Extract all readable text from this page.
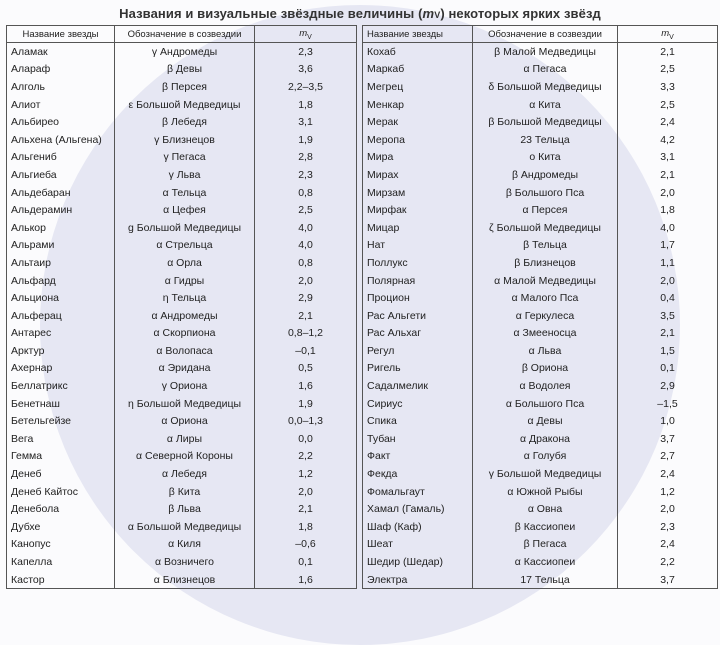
Названия и визуальные звёздные величины (mV) некоторых ярких звёзд
Название звезды	Обозначение в созвездии	$m_V$
Аламак	γ Андромеды	2,3
Алараф	β Девы	3,6
Алголь	β Персея	2,2–3,5
Алиот	ε Большой Медведицы	1,8
Альбирео	β Лебедя	3,1
Альхена (Альгена)	γ Близнецов	1,9
Альгениб	γ Пегаса	2,8
Альгиеба	γ Льва	2,3
Альдебаран	α Тельца	0,8
Альдерамин	α Цефея	2,5
Алькор	g Большой Медведицы	4,0
Альрами	α Стрельца	4,0
Альтаир	α Орла	0,8
Альфард	α Гидры	2,0
Альциона	η Тельца	2,9
Альферац	α Андромеды	2,1
Антарес	α Скорпиона	0,8–1,2
Арктур	α Волопаса	–0,1
Ахернар	α Эридана	0,5
Беллатрикс	γ Ориона	1,6
Бенетнаш	η Большой Медведицы	1,9
Бетельгейзе	α Ориона	0,0–1,3
Вега	α Лиры	0,0
Гемма	α Северной Короны	2,2
Денеб	α Лебедя	1,2
Денеб Кайтос	β Кита	2,0
Денебола	β Льва	2,1
Дубхе	α Большой Медведицы	1,8
Канопус	α Киля	–0,6
Капелла	α Возничего	0,1
Кастор	α Близнецов	1,6
Название звезды	Обозначение в созвездии	$m_V$
Кохаб	β Малой Медведицы	2,1
Маркаб	α Пегаса	2,5
Мегрец	δ Большой Медведицы	3,3
Менкар	α Кита	2,5
Мерак	β Большой Медведицы	2,4
Меропа	23 Тельца	4,2
Мира	ο Кита	3,1
Мирах	β Андромеды	2,1
Мирзам	β Большого Пса	2,0
Мирфак	α Персея	1,8
Мицар	ζ Большой Медведицы	4,0
Нат	β Тельца	1,7
Поллукс	β Близнецов	1,1
Полярная	α Малой Медведицы	2,0
Процион	α Малого Пса	0,4
Рас Альгети	α Геркулеса	3,5
Рас Альхаг	α Змееносца	2,1
Регул	α Льва	1,5
Ригель	β Ориона	0,1
Садалмелик	α Водолея	2,9
Сириус	α Большого Пса	–1,5
Спика	α Девы	1,0
Тубан	α Дракона	3,7
Факт	α Голубя	2,7
Фекда	γ Большой Медведицы	2,4
Фомальгаут	α Южной Рыбы	1,2
Хамал (Гамаль)	α Овна	2,0
Шаф (Каф)	β Кассиопеи	2,3
Шеат	β Пегаса	2,4
Шедир (Шедар)	α Кассиопеи	2,2
Электра	17 Тельца	3,7
